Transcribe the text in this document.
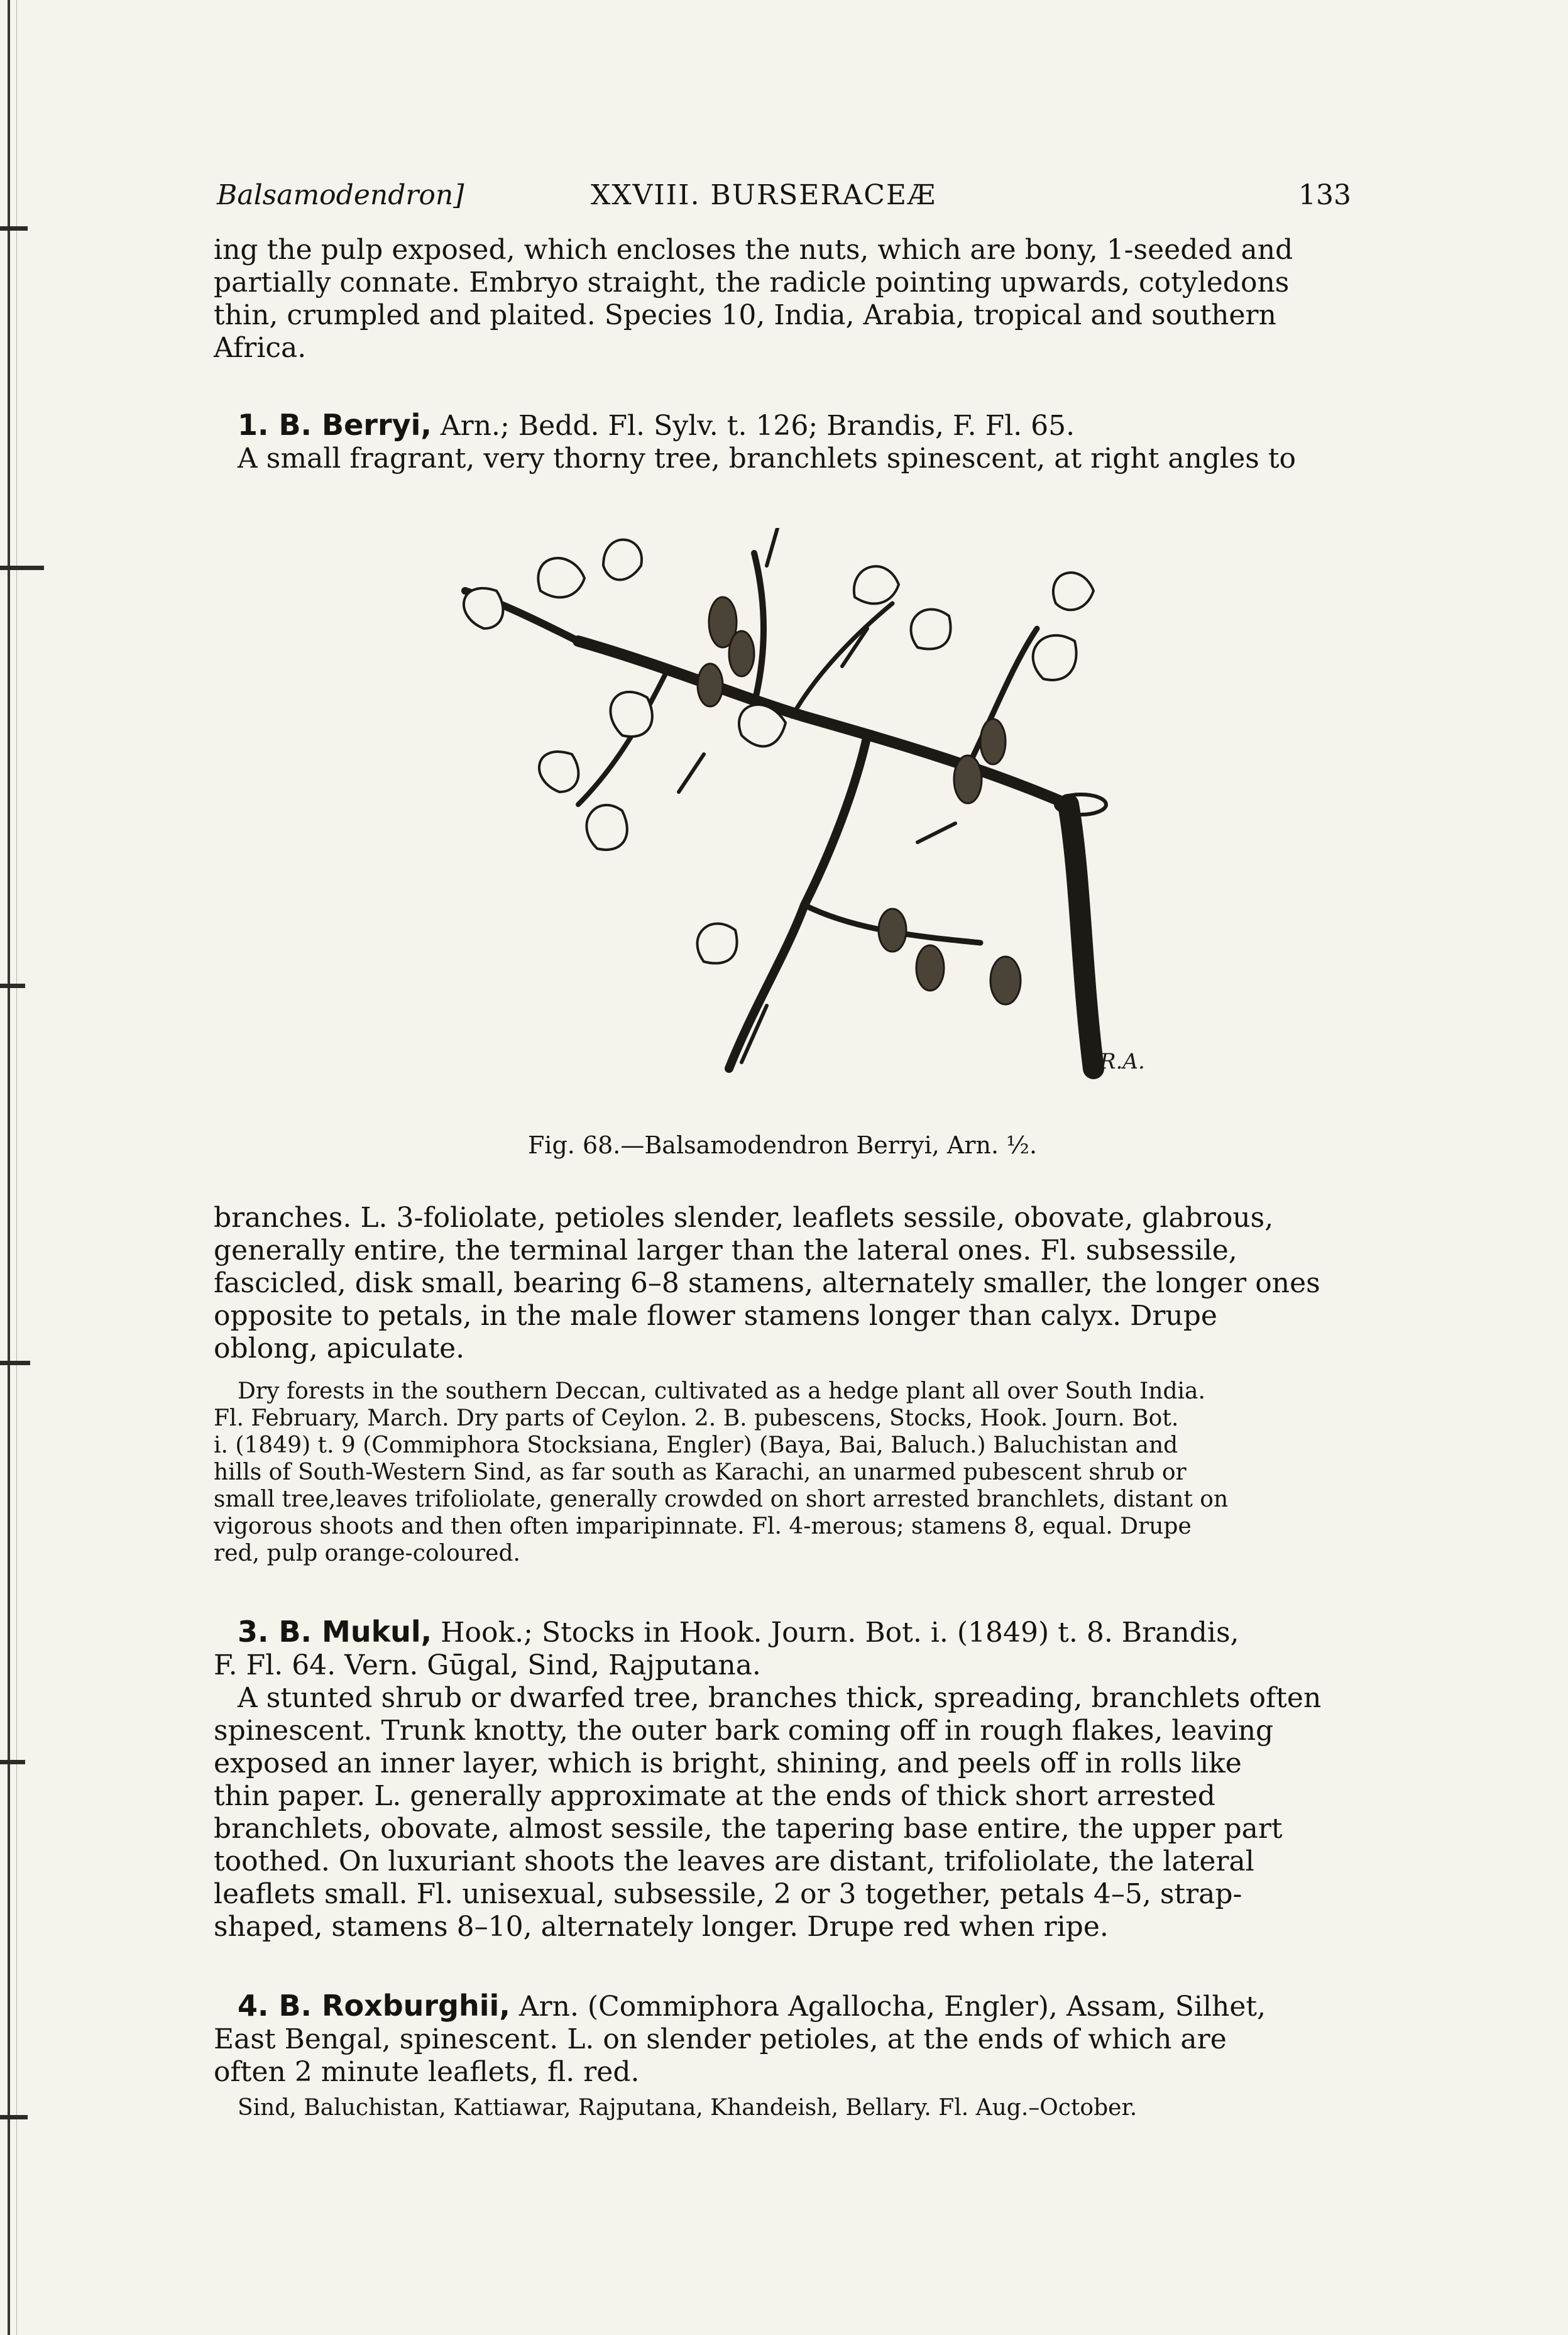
Balsamodendron]	XXVIII. BURSERACEÆ	133

ing the pulp exposed, which encloses the nuts, which are bony, 1-seeded and

partially connate. Embryo straight, the radicle pointing upwards, cotyledons

thin, crumpled and plaited. Species 10, India, Arabia, tropical and southern

Africa.

1. B. Berryi, Arn.; Bedd. Fl. Sylv. t. 126; Brandis, F. Fl. 65.

A small fragrant, very thorny tree, branchlets spinescent, at right angles to

R.A.
Fig. 68.—Balsamodendron Berryi, Arn. ½.

branches. L. 3-foliolate, petioles slender, leaflets sessile, obovate, glabrous,

generally entire, the terminal larger than the lateral ones. Fl. subsessile,

fascicled, disk small, bearing 6–8 stamens, alternately smaller, the longer ones

opposite to petals, in the male flower stamens longer than calyx. Drupe

oblong, apiculate.

Dry forests in the southern Deccan, cultivated as a hedge plant all over South India.

Fl. February, March. Dry parts of Ceylon. 2. B. pubescens, Stocks, Hook. Journ. Bot.

i. (1849) t. 9 (Commiphora Stocksiana, Engler) (Baya, Bai, Baluch.) Baluchistan and

hills of South-Western Sind, as far south as Karachi, an unarmed pubescent shrub or

small tree,leaves trifoliolate, generally crowded on short arrested branchlets, distant on

vigorous shoots and then often imparipinnate. Fl. 4-merous; stamens 8, equal. Drupe

red, pulp orange-coloured.

3. B. Mukul, Hook.; Stocks in Hook. Journ. Bot. i. (1849) t. 8. Brandis,

F. Fl. 64. Vern. Gūgal, Sind, Rajputana.

A stunted shrub or dwarfed tree, branches thick, spreading, branchlets often

spinescent. Trunk knotty, the outer bark coming off in rough flakes, leaving

exposed an inner layer, which is bright, shining, and peels off in rolls like

thin paper. L. generally approximate at the ends of thick short arrested

branchlets, obovate, almost sessile, the tapering base entire, the upper part

toothed. On luxuriant shoots the leaves are distant, trifoliolate, the lateral

leaflets small. Fl. unisexual, subsessile, 2 or 3 together, petals 4–5, strap-

shaped, stamens 8–10, alternately longer. Drupe red when ripe.

4. B. Roxburghii, Arn. (Commiphora Agallocha, Engler), Assam, Silhet,

East Bengal, spinescent. L. on slender petioles, at the ends of which are

often 2 minute leaflets, fl. red.

Sind, Baluchistan, Kattiawar, Rajputana, Khandeish, Bellary. Fl. Aug.–October.
